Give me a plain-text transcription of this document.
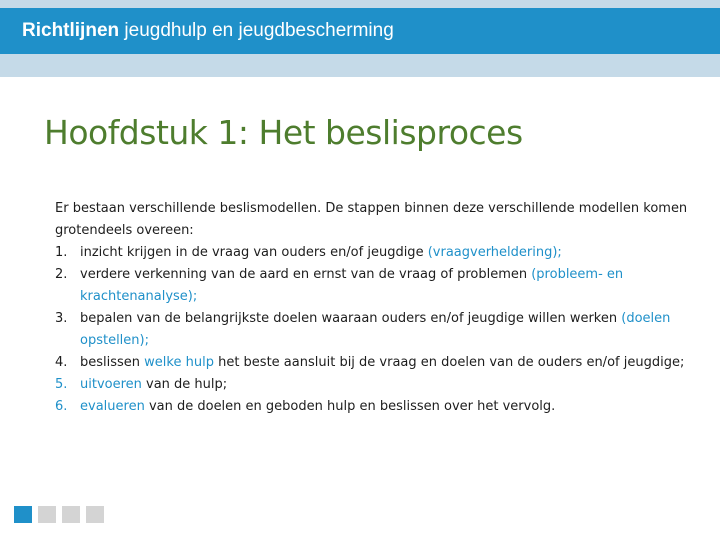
Richtlijnen jeugdhulp en jeugdbescherming
Hoofdstuk 1: Het beslisproces

Er bestaan verschillende beslismodellen. De stappen binnen deze verschillende modellen komen grotendeels overeen:

1. inzicht krijgen in de vraag van ouders en/of jeugdige (vraagverheldering);
2. verdere verkenning van de aard en ernst van de vraag of problemen (probleem- en krachtenanalyse);
3. bepalen van de belangrijkste doelen waaraan ouders en/of jeugdige willen werken (doelen opstellen);
4. beslissen welke hulp het beste aansluit bij de vraag en doelen van de ouders en/of jeugdige;
5. uitvoeren van de hulp;
6. evalueren van de doelen en geboden hulp en beslissen over het vervolg.
